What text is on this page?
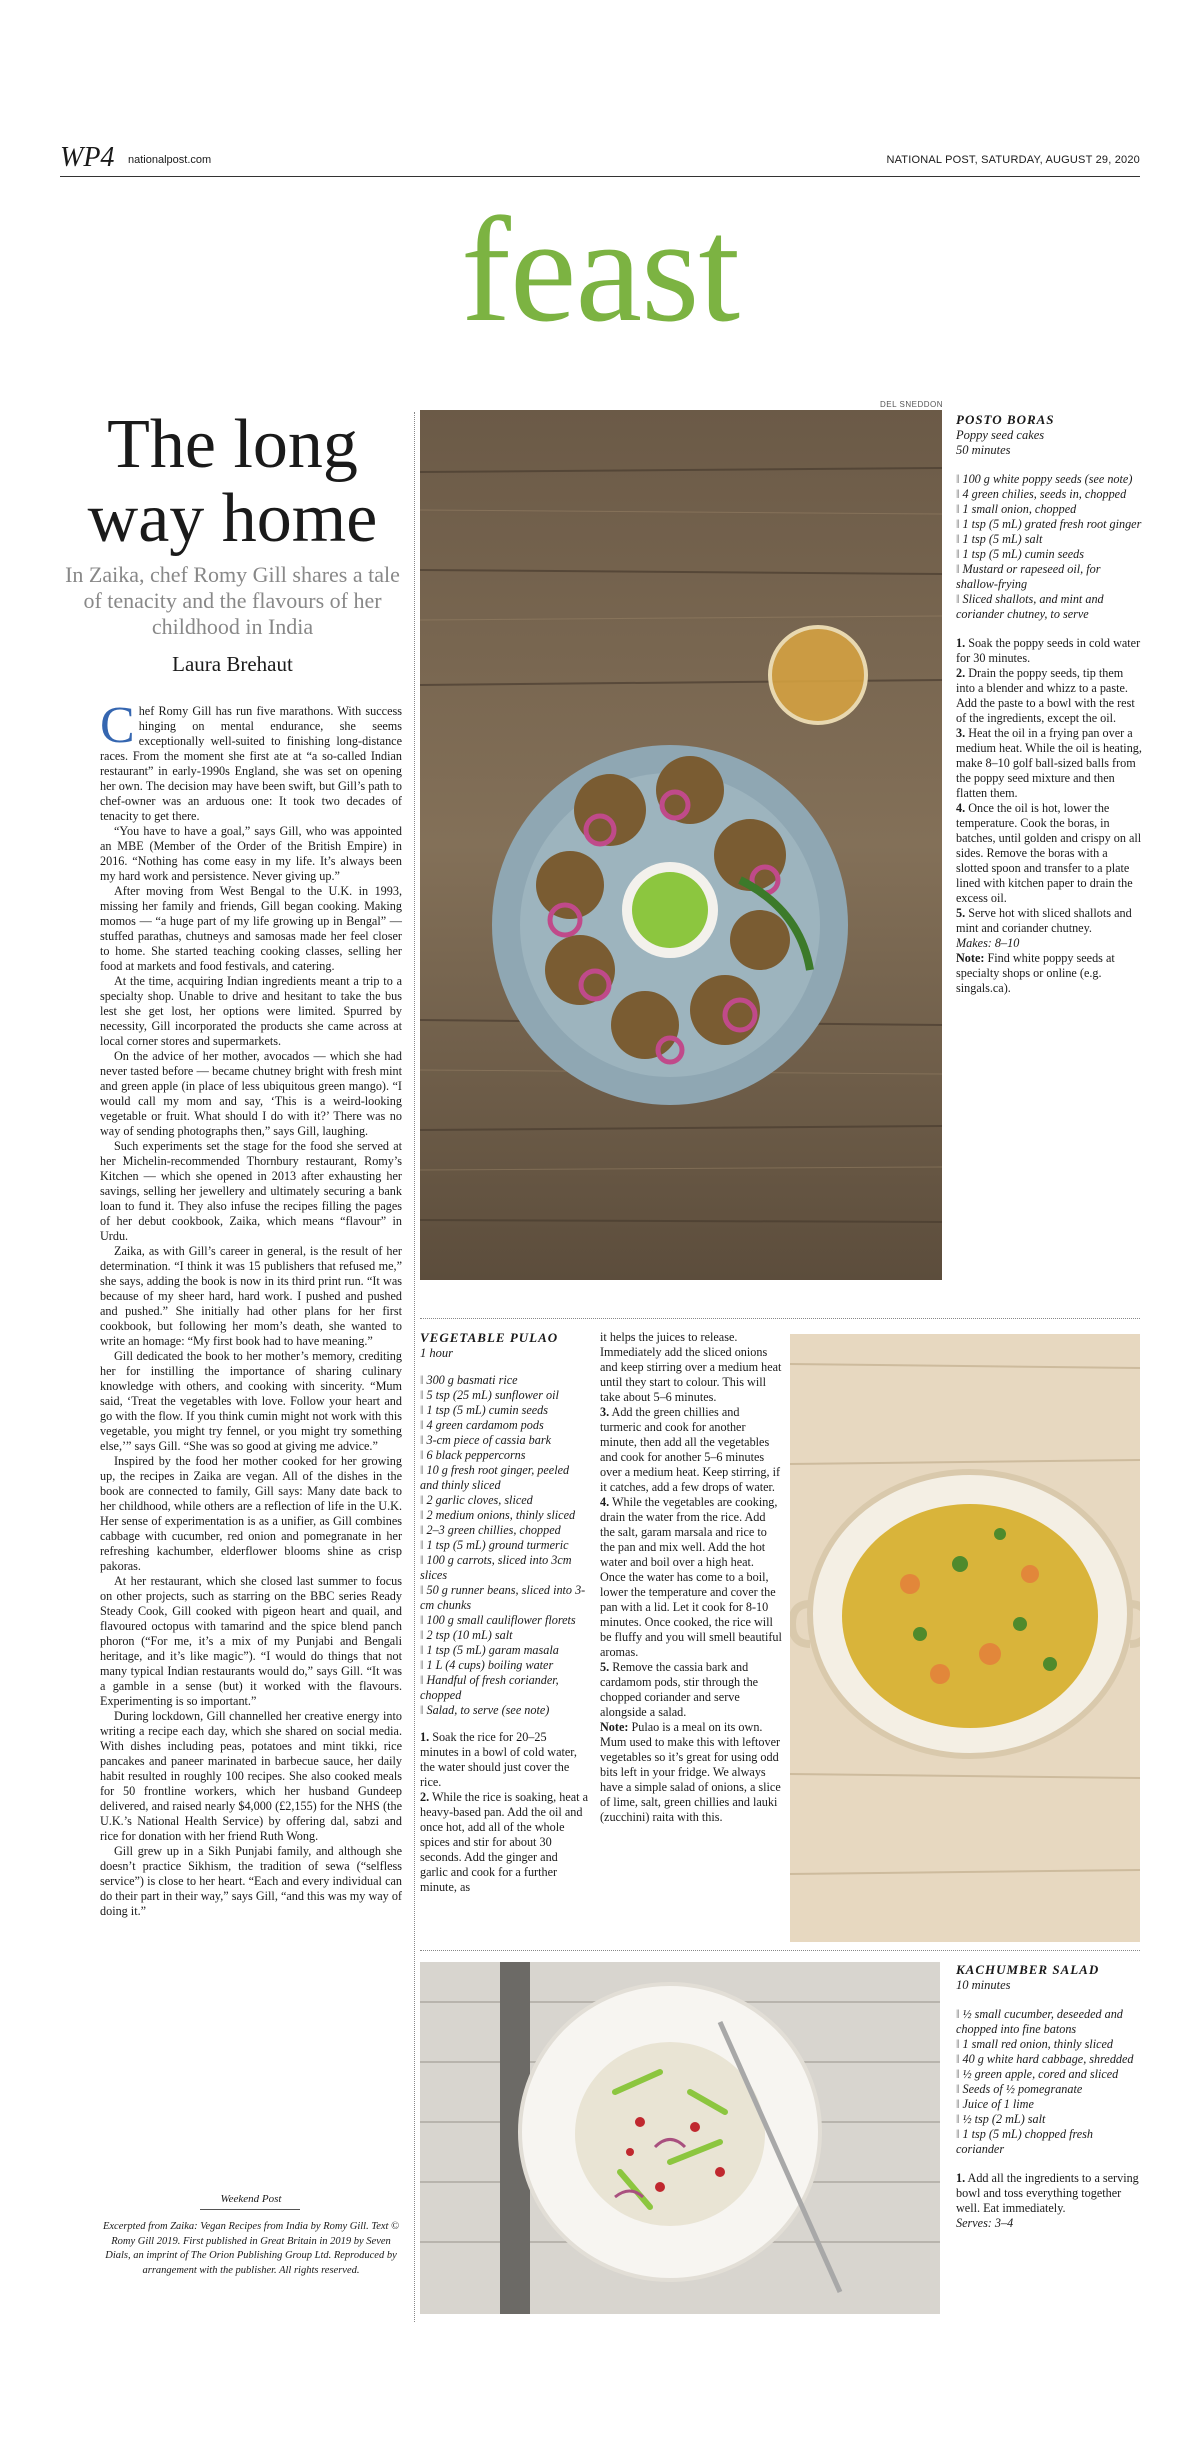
WP4 nationalpost.com	NATIONAL POST, SATURDAY, AUGUST 29, 2020
feast
DEL SNEDDON
The long
way home
In Zaika, chef Romy Gill shares a tale of tenacity and the flavours of her childhood in India
Laura Brehaut

Chef Romy Gill has run five marathons. With success hinging on mental endurance, she seems exceptionally well-suited to finishing long-distance races. From the moment she first ate at “a so-called Indian restaurant” in early-1990s England, she was set on opening her own. The decision may have been swift, but Gill’s path to chef-owner was an arduous one: It took two decades of tenacity to get there.

“You have to have a goal,” says Gill, who was appointed an MBE (Member of the Order of the British Empire) in 2016. “Nothing has come easy in my life. It’s always been my hard work and persistence. Never giving up.”

After moving from West Bengal to the U.K. in 1993, missing her family and friends, Gill began cooking. Making momos — “a huge part of my life growing up in Bengal” — stuffed parathas, chutneys and samosas made her feel closer to home. She started teaching cooking classes, selling her food at markets and food festivals, and catering.

At the time, acquiring Indian ingredients meant a trip to a specialty shop. Unable to drive and hesitant to take the bus lest she get lost, her options were limited. Spurred by necessity, Gill incorporated the products she came across at local corner stores and supermarkets.

On the advice of her mother, avocados — which she had never tasted before — became chutney bright with fresh mint and green apple (in place of less ubiquitous green mango). “I would call my mom and say, ‘This is a weird-looking vegetable or fruit. What should I do with it?’ There was no way of sending photographs then,” says Gill, laughing.

Such experiments set the stage for the food she served at her Michelin-recommended Thornbury restaurant, Romy’s Kitchen — which she opened in 2013 after exhausting her savings, selling her jewellery and ultimately securing a bank loan to fund it. They also infuse the recipes filling the pages of her debut cookbook, Zaika, which means “flavour” in Urdu.

Zaika, as with Gill’s career in general, is the result of her determination. “I think it was 15 publishers that refused me,” she says, adding the book is now in its third print run. “It was because of my sheer hard, hard work. I pushed and pushed and pushed.” She initially had other plans for her first cookbook, but following her mom’s death, she wanted to write an homage: “My first book had to have meaning.”

Gill dedicated the book to her mother’s memory, crediting her for instilling the importance of sharing culinary knowledge with others, and cooking with sincerity. “Mum said, ‘Treat the vegetables with love. Follow your heart and go with the flow. If you think cumin might not work with this vegetable, you might try fennel, or you might try something else,’” says Gill. “She was so good at giving me advice.”

Inspired by the food her mother cooked for her growing up, the recipes in Zaika are vegan. All of the dishes in the book are connected to family, Gill says: Many date back to her childhood, while others are a reflection of life in the U.K. Her sense of experimentation is as a unifier, as Gill combines cabbage with cucumber, red onion and pomegranate in her refreshing kachumber, elderflower blooms shine as crisp pakoras.

At her restaurant, which she closed last summer to focus on other projects, such as starring on the BBC series Ready Steady Cook, Gill cooked with pigeon heart and quail, and flavoured octopus with tamarind and the spice blend panch phoron (“For me, it’s a mix of my Punjabi and Bengali heritage, and it’s like magic”). “I would do things that not many typical Indian restaurants would do,” says Gill. “It was a gamble in a sense (but) it worked with the flavours. Experimenting is so important.”

During lockdown, Gill channelled her creative energy into writing a recipe each day, which she shared on social media. With dishes including peas, potatoes and mint tikki, rice pancakes and paneer marinated in barbecue sauce, her daily habit resulted in roughly 100 recipes. She also cooked meals for 50 frontline workers, which her husband Gundeep delivered, and raised nearly $4,000 (£2,155) for the NHS (the U.K.’s National Health Service) by offering dal, sabzi and rice for donation with her friend Ruth Wong.

Gill grew up in a Sikh Punjabi family, and although she doesn’t practice Sikhism, the tradition of sewa (“selfless service”) is close to her heart. “Each and every individual can do their part in their way,” says Gill, “and this was my way of doing it.”

Weekend Post
Excerpted from Zaika: Vegan Recipes from India by Romy Gill. Text © Romy Gill 2019. First published in Great Britain in 2019 by Seven Dials, an imprint of The Orion Publishing Group Ltd. Reproduced by arrangement with the publisher. All rights reserved.
POSTO BORAS
Poppy seed cakes
50 minutes
‖ 100 g white poppy seeds (see note)
‖ 4 green chilies, seeds in, chopped
‖ 1 small onion, chopped
‖ 1 tsp (5 mL) grated fresh root ginger
‖ 1 tsp (5 mL) salt
‖ 1 tsp (5 mL) cumin seeds
‖ Mustard or rapeseed oil, for shallow-frying
‖ Sliced shallots, and mint and coriander chutney, to serve

1. Soak the poppy seeds in cold water for 30 minutes.

2. Drain the poppy seeds, tip them into a blender and whizz to a paste. Add the paste to a bowl with the rest of the ingredients, except the oil.

3. Heat the oil in a frying pan over a medium heat. While the oil is heating, make 8–10 golf ball-sized balls from the poppy seed mixture and then flatten them.

4. Once the oil is hot, lower the temperature. Cook the boras, in batches, until golden and crispy on all sides. Remove the boras with a slotted spoon and transfer to a plate lined with kitchen paper to drain the excess oil.

5. Serve hot with sliced shallots and mint and coriander chutney.

Makes: 8–10

Note: Find white poppy seeds at specialty shops or online (e.g. singals.ca).

VEGETABLE PULAO
1 hour
‖ 300 g basmati rice
‖ 5 tsp (25 mL) sunflower oil
‖ 1 tsp (5 mL) cumin seeds
‖ 4 green cardamom pods
‖ 3-cm piece of cassia bark
‖ 6 black peppercorns
‖ 10 g fresh root ginger, peeled and thinly sliced
‖ 2 garlic cloves, sliced
‖ 2 medium onions, thinly sliced
‖ 2–3 green chillies, chopped
‖ 1 tsp (5 mL) ground turmeric
‖ 100 g carrots, sliced into 3cm slices
‖ 50 g runner beans, sliced into 3-cm chunks
‖ 100 g small cauliflower florets
‖ 2 tsp (10 mL) salt
‖ 1 tsp (5 mL) garam masala
‖ 1 L (4 cups) boiling water
‖ Handful of fresh coriander, chopped
‖ Salad, to serve (see note)

1. Soak the rice for 20–25 minutes in a bowl of cold water, the water should just cover the rice.

2. While the rice is soaking, heat a heavy-based pan. Add the oil and once hot, add all of the whole spices and stir for about 30 seconds. Add the ginger and garlic and cook for a further minute, as

it helps the juices to release. Immediately add the sliced onions and keep stirring over a medium heat until they start to colour. This will take about 5–6 minutes.

3. Add the green chillies and turmeric and cook for another minute, then add all the vegetables and cook for another 5–6 minutes over a medium heat. Keep stirring, if it catches, add a few drops of water.

4. While the vegetables are cooking, drain the water from the rice. Add the salt, garam marsala and rice to the pan and mix well. Add the hot water and boil over a high heat. Once the water has come to a boil, lower the temperature and cover the pan with a lid. Let it cook for 8-10 minutes. Once cooked, the rice will be fluffy and you will smell beautiful aromas.

5. Remove the cassia bark and cardamom pods, stir through the chopped coriander and serve alongside a salad.

Note: Pulao is a meal on its own. Mum used to make this with leftover vegetables so it’s great for using odd bits left in your fridge. We always have a simple salad of onions, a slice of lime, salt, green chillies and lauki (zucchini) raita with this.

KACHUMBER SALAD
10 minutes
‖ ½ small cucumber, deseeded and chopped into fine batons
‖ 1 small red onion, thinly sliced
‖ 40 g white hard cabbage, shredded
‖ ½ green apple, cored and sliced
‖ Seeds of ½ pomegranate
‖ Juice of 1 lime
‖ ½ tsp (2 mL) salt
‖ 1 tsp (5 mL) chopped fresh coriander

1. Add all the ingredients to a serving bowl and toss everything together well. Eat immediately.

Serves: 3–4
